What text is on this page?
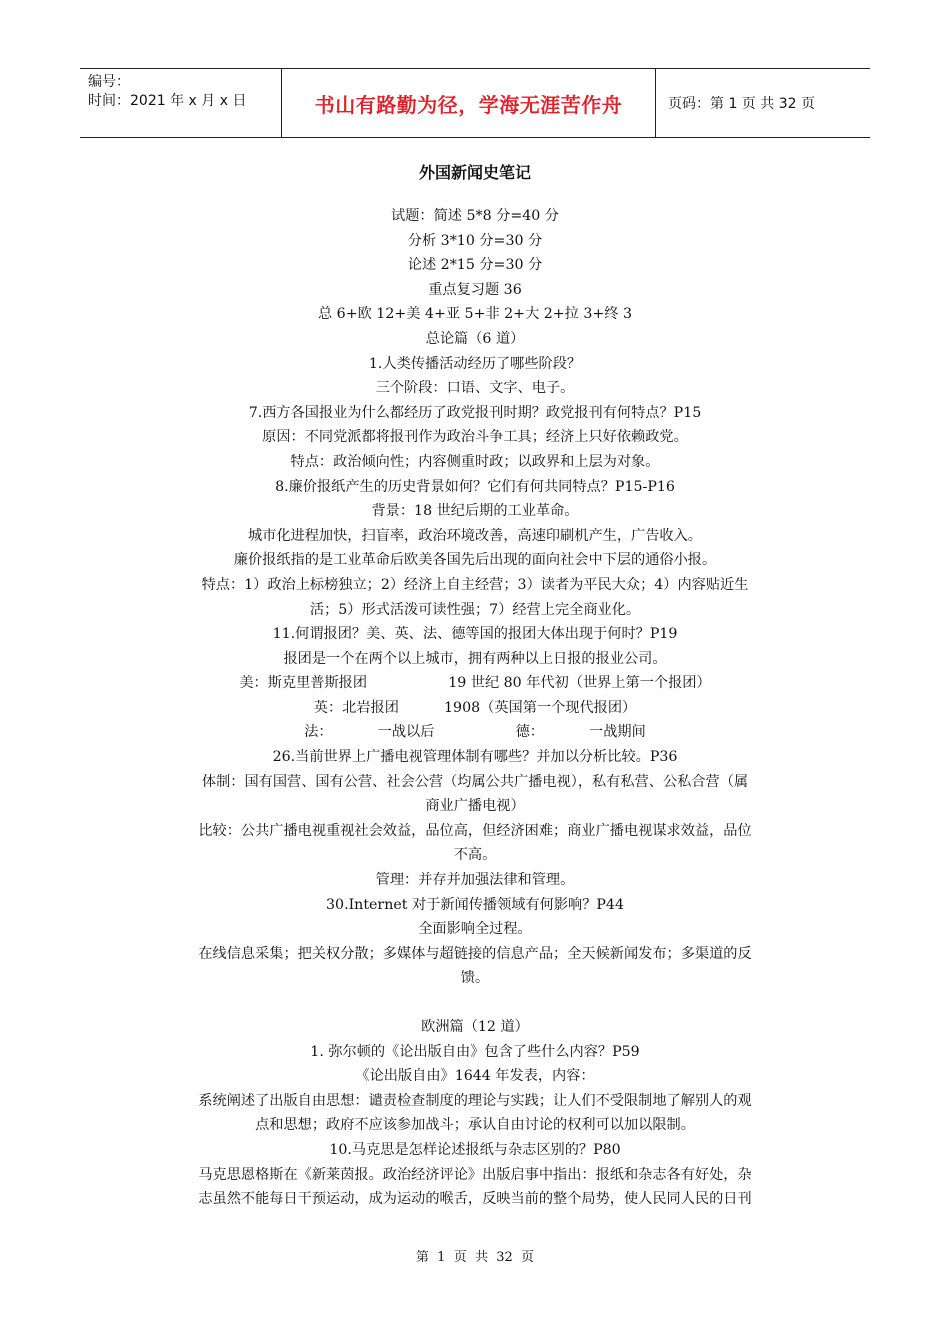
编号：
时间：2021 年 x 月 x 日	书山有路勤为径，学海无涯苦作舟	页码：第 1 页 共 32 页
外国新闻史笔记

试题：简述 5*8 分=40 分

分析 3*10 分=30 分

论述 2*15 分=30 分

重点复习题 36

总 6+欧 12+美 4+亚 5+非 2+大 2+拉 3+终 3

总论篇（6 道）

1.人类传播活动经历了哪些阶段？

三个阶段：口语、文字、电子。

7.西方各国报业为什么都经历了政党报刊时期？政党报刊有何特点？P15

原因：不同党派都将报刊作为政治斗争工具；经济上只好依赖政党。

特点：政治倾向性；内容侧重时政；以政界和上层为对象。

8.廉价报纸产生的历史背景如何？它们有何共同特点？P15-P16

背景：18 世纪后期的工业革命。

城市化进程加快，扫盲率，政治环境改善，高速印刷机产生，广告收入。

廉价报纸指的是工业革命后欧美各国先后出现的面向社会中下层的通俗小报。

特点：1）政治上标榜独立；2）经济上自主经营；3）读者为平民大众；4）内容贴近生

活；5）形式活泼可读性强；7）经营上完全商业化。

11.何谓报团？美、英、法、德等国的报团大体出现于何时？P19

报团是一个在两个以上城市，拥有两种以上日报的报业公司。

美：斯克里普斯报团                  19 世纪 80 年代初（世界上第一个报团）

英：北岩报团          1908（英国第一个现代报团）

法：          一战以后                  德：          一战期间

26.当前世界上广播电视管理体制有哪些？并加以分析比较。P36

体制：国有国营、国有公营、社会公营（均属公共广播电视），私有私营、公私合营（属

商业广播电视）

比较：公共广播电视重视社会效益，品位高，但经济困难；商业广播电视谋求效益，品位

不高。

管理：并存并加强法律和管理。

30.Internet 对于新闻传播领域有何影响？P44

全面影响全过程。

在线信息采集；把关权分散；多媒体与超链接的信息产品；全天候新闻发布；多渠道的反

馈。

欧洲篇（12 道）

1. 弥尔顿的《论出版自由》包含了些什么内容？P59

《论出版自由》1644 年发表，内容：

系统阐述了出版自由思想：谴责检查制度的理论与实践；让人们不受限制地了解别人的观

点和思想；政府不应该参加战斗；承认自由讨论的权利可以加以限制。

10.马克思是怎样论述报纸与杂志区别的？P80

马克思恩格斯在《新莱茵报。政治经济评论》出版启事中指出：报纸和杂志各有好处，杂

志虽然不能每日干预运动，成为运动的喉舌，反映当前的整个局势，使人民同人民的日刊

第  1  页  共  32  页
